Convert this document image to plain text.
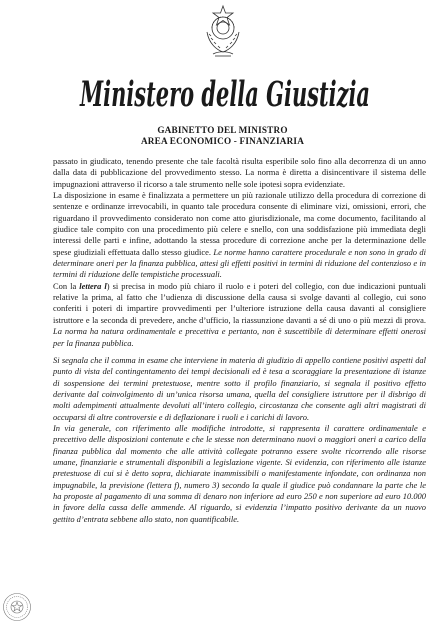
Ministero della Giustizia
GABINETTO DEL MINISTRO
AREA ECONOMICO - FINANZIARIA

passato in giudicato, tenendo presente che tale facoltà risulta esperibile solo fino alla decorrenza di un anno dalla data di pubblicazione del provvedimento stesso. La norma è diretta a disincentivare il sistema delle impugnazioni attraverso il ricorso a tale strumento nelle sole ipotesi sopra evidenziate.

La disposizione in esame è finalizzata a permettere un più razionale utilizzo della procedura di correzione di sentenze e ordinanze irrevocabili, in quanto tale procedura consente di eliminare vizi, omissioni, errori, che riguardano il provvedimento considerato non come atto giurisdizionale, ma come documento, facilitando al giudice tale compito con una procedimento più celere e snello, con una soddisfazione più immediata degli interessi delle parti e infine, adottando la stessa procedure di correzione anche per la determinazione delle spese giudiziali effettuata dallo stesso giudice. Le norme hanno carattere procedurale e non sono in grado di determinare oneri per la finanza pubblica, attesi gli effetti positivi in termini di riduzione del contenzioso e in termini di riduzione delle tempistiche processuali.

Con la lettera l) si precisa in modo più chiaro il ruolo e i poteri del collegio, con due indicazioni puntuali relative la prima, al fatto che l’udienza di discussione della causa si svolge davanti al collegio, cui sono conferiti i poteri di impartire provvedimenti per l’ulteriore istruzione della causa davanti al consigliere istruttore e la seconda di prevedere, anche d’ufficio, la riassunzione davanti a sé di uno o più mezzi di prova. La norma ha natura ordinamentale e precettiva e pertanto, non è suscettibile di determinare effetti onerosi per la finanza pubblica.

Si segnala che il comma in esame che interviene in materia di giudizio di appello contiene positivi aspetti dal punto di vista del contingentamento dei tempi decisionali ed è tesa a scoraggiare la presentazione di istanze di sospensione dei termini pretestuose, mentre sotto il profilo finanziario, si segnala il positivo effetto derivante dal coinvolgimento di un’unica risorsa umana, quella del consigliere istruttore per il disbrigo di molti adempimenti attualmente devoluti all’intero collegio, circostanza che consente agli altri magistrati di occuparsi di altre controversie e di deflazionare i ruoli e i carichi di lavoro.

In via generale, con riferimento alle modifiche introdotte, si rappresenta il carattere ordinamentale e precettivo delle disposizioni contenute e che le stesse non determinano nuovi o maggiori oneri a carico della finanza pubblica dal momento che alle attività collegate potranno essere svolte ricorrendo alle risorse umane, finanziarie e strumentali disponibili a legislazione vigente. Si evidenzia, con riferimento alle istanze pretestuose di cui si è detto sopra, dichiarate inammissibili o manifestamente infondate, con ordinanza non impugnabile, la previsione (lettera f), numero 3) secondo la quale il giudice può condannare la parte che le ha proposte al pagamento di una somma di denaro non inferiore ad euro 250 e non superiore ad euro 10.000 in favore della cassa delle ammende. Al riguardo, si evidenzia l’impatto positivo derivante da un nuovo gettito d’entrata sebbene allo stato, non quantificabile.
